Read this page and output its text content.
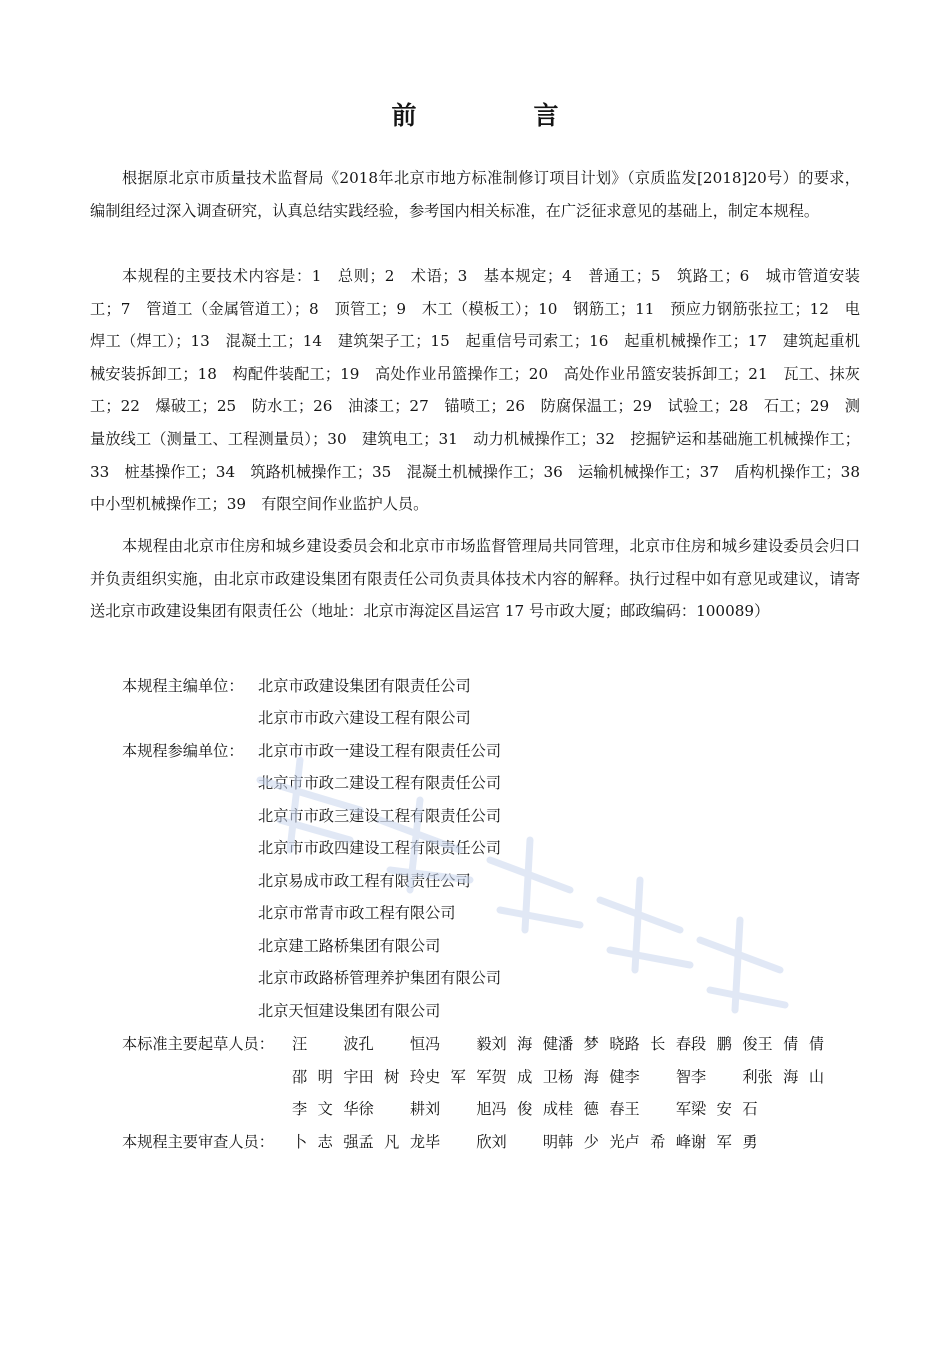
前　言

根据原北京市质量技术监督局《2018年北京市地方标准制修订项目计划》（京质监发[2018]20号）的要求，编制组经过深入调查研究，认真总结实践经验，参考国内相关标准，在广泛征求意见的基础上，制定本规程。

本规程的主要技术内容是：1　总则；2　术语；3　基本规定；4　普通工；5　筑路工；6　城市管道安装工；7　管道工（金属管道工）；8　顶管工；9　木工（模板工）；10　钢筋工；11　预应力钢筋张拉工；12　电焊工（焊工）；13　混凝土工；14　建筑架子工；15　起重信号司索工；16　起重机械操作工；17　建筑起重机械安装拆卸工；18　构配件装配工；19　高处作业吊篮操作工；20　高处作业吊篮安装拆卸工；21　瓦工、抹灰工；22　爆破工；25　防水工；26　油漆工；27　锚喷工；26　防腐保温工；29　试验工；28　石工；29　测量放线工（测量工、工程测量员）；30　建筑电工；31　动力机械操作工；32　挖掘铲运和基础施工机械操作工；33　桩基操作工；34　筑路机械操作工；35　混凝土机械操作工；36　运输机械操作工；37　盾构机操作工；38　中小型机械操作工；39　有限空间作业监护人员。

本规程由北京市住房和城乡建设委员会和北京市市场监督管理局共同管理，北京市住房和城乡建设委员会归口并负责组织实施，由北京市政建设集团有限责任公司负责具体技术内容的解释。执行过程中如有意见或建议，请寄送北京市政建设集团有限责任公（地址：北京市海淀区昌运宫 17 号市政大厦；邮政编码：100089）

本规程主编单位： 北京市政建设集团有限责任公司
北京市市政六建设工程有限公司
本规程参编单位： 北京市市政一建设工程有限责任公司
北京市市政二建设工程有限责任公司
北京市市政三建设工程有限责任公司
北京市市政四建设工程有限责任公司
北京易成市政工程有限责任公司
北京市常青市政工程有限公司
北京建工路桥集团有限公司
北京市政路桥管理养护集团有限公司
北京天恒建设集团有限公司
本标准主要起草人员： 汪　波孔　恒冯　毅刘海健潘梦晓路长春段鹏俊王倩倩
邵明宇田树玲史军军贺成卫杨海健李　智李　利张海山
李文华徐　耕刘　旭冯俊成桂德春王　军梁安石
本规程主要审查人员： 卜志强孟凡龙毕　欣刘　明韩少光卢希峰谢军勇
